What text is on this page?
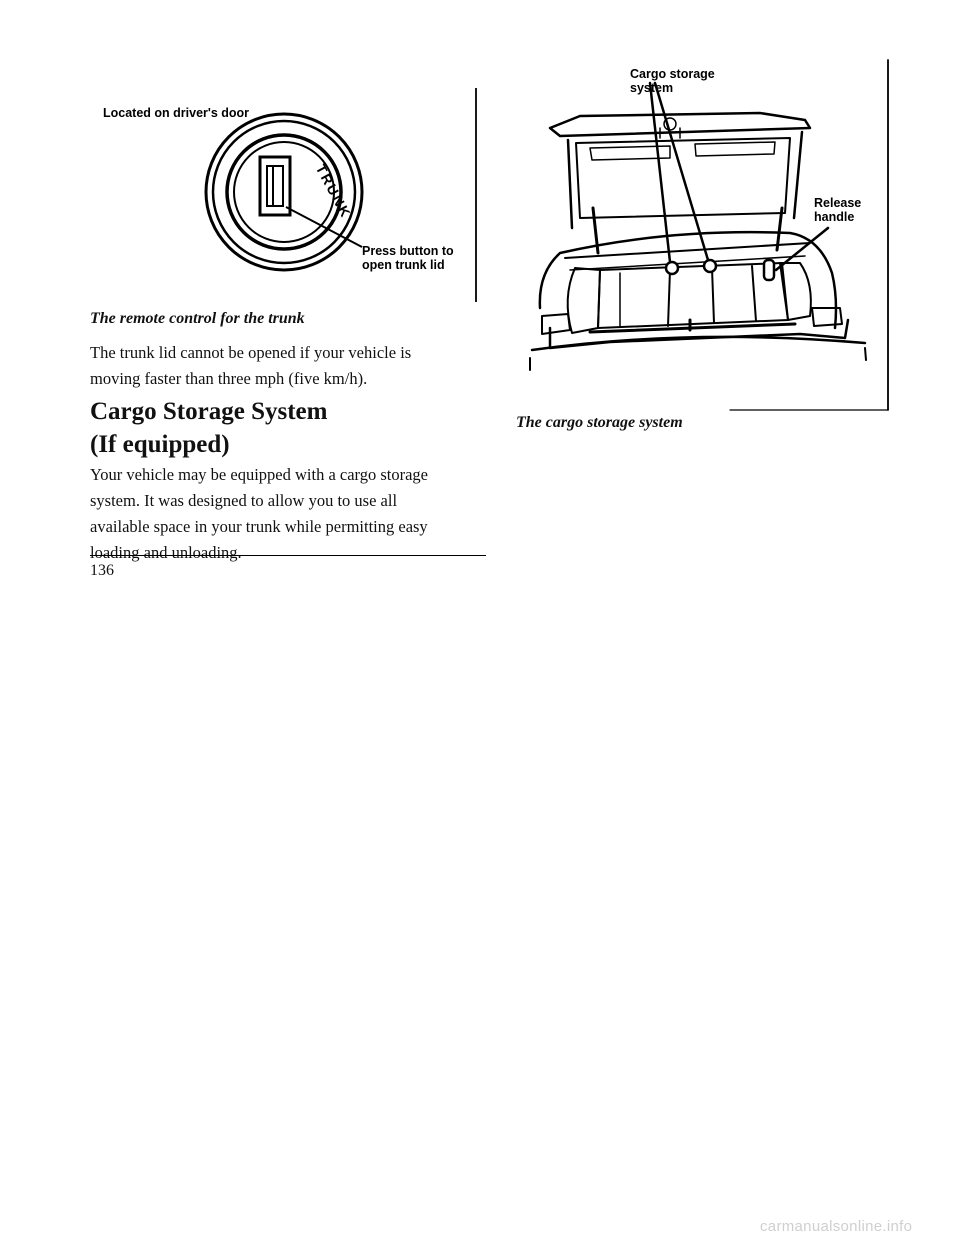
Located on driver's door
TRUNK
Press button to
open trunk lid
The remote control for the trunk
The trunk lid cannot be opened if your vehicle is
moving faster than three mph (five km/h).
Cargo Storage System
(If equipped)
Your vehicle may be equipped with a cargo storage
system. It was designed to allow you to use all
available space in your trunk while permitting easy
loading and unloading.
136
Cargo storage
system
Release
handle
The cargo storage system
carmanualsonline.info
